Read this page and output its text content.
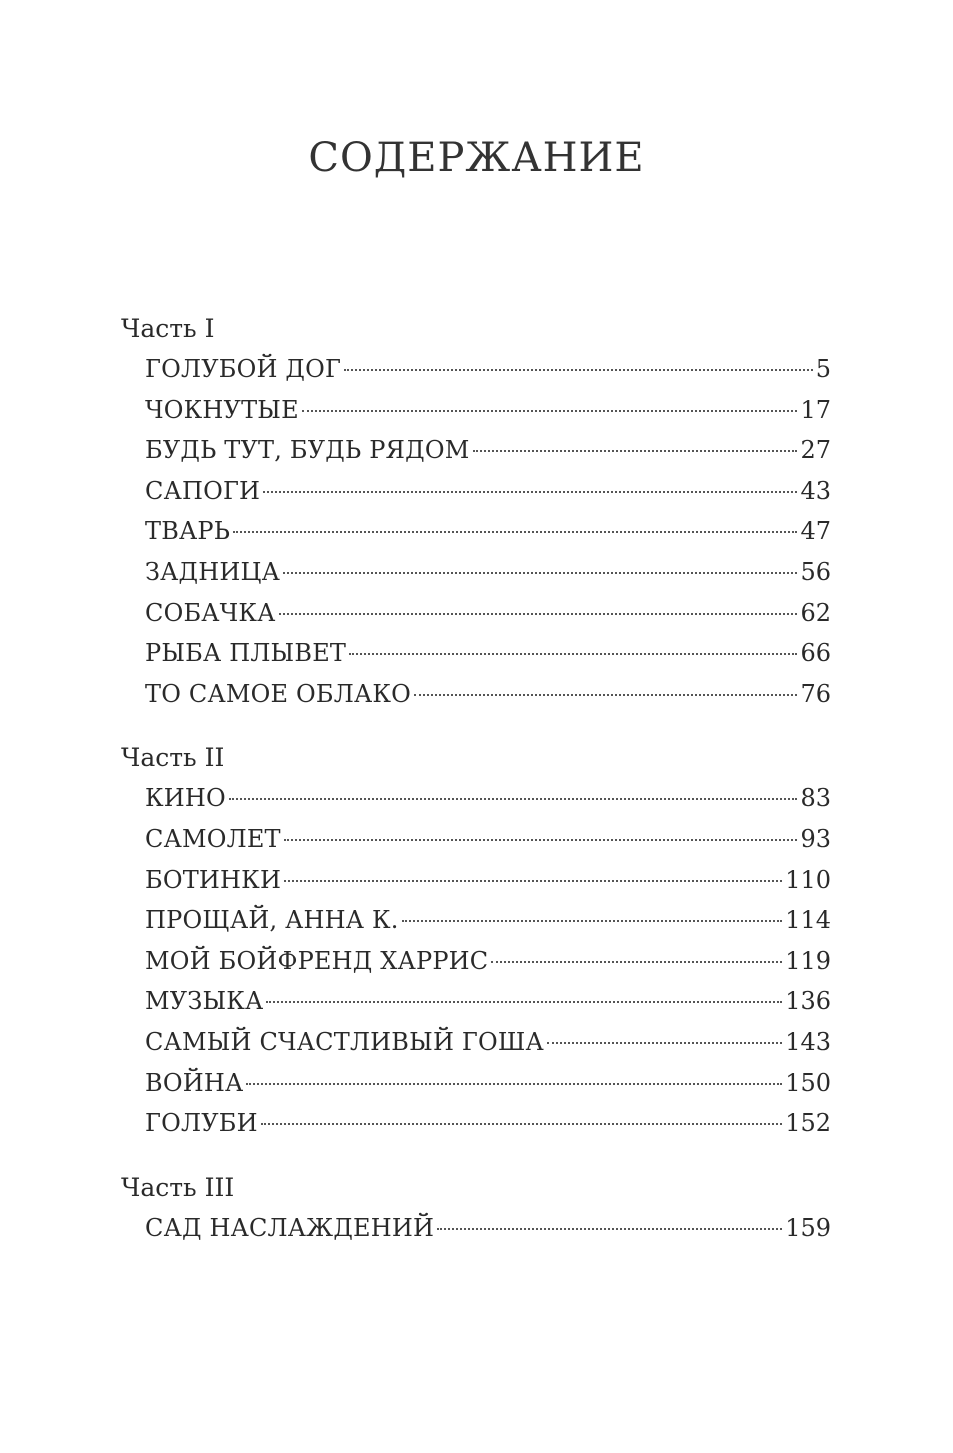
СОДЕРЖАНИЕ
Часть I
ГОЛУБОЙ ДОГ	5
ЧОКНУТЫЕ	17
БУДЬ ТУТ, БУДЬ РЯДОМ	27
САПОГИ	43
ТВАРЬ	47
ЗАДНИЦА	56
СОБАЧКА	62
РЫБА ПЛЫВЕТ	66
ТО САМОЕ ОБЛАКО	76
Часть II
КИНО	83
САМОЛЕТ	93
БОТИНКИ	110
ПРОЩАЙ, АННА К.	114
МОЙ БОЙФРЕНД ХАРРИС	119
МУЗЫКА	136
САМЫЙ СЧАСТЛИВЫЙ ГОША	143
ВОЙНА	150
ГОЛУБИ	152
Часть III
САД НАСЛАЖДЕНИЙ	159
